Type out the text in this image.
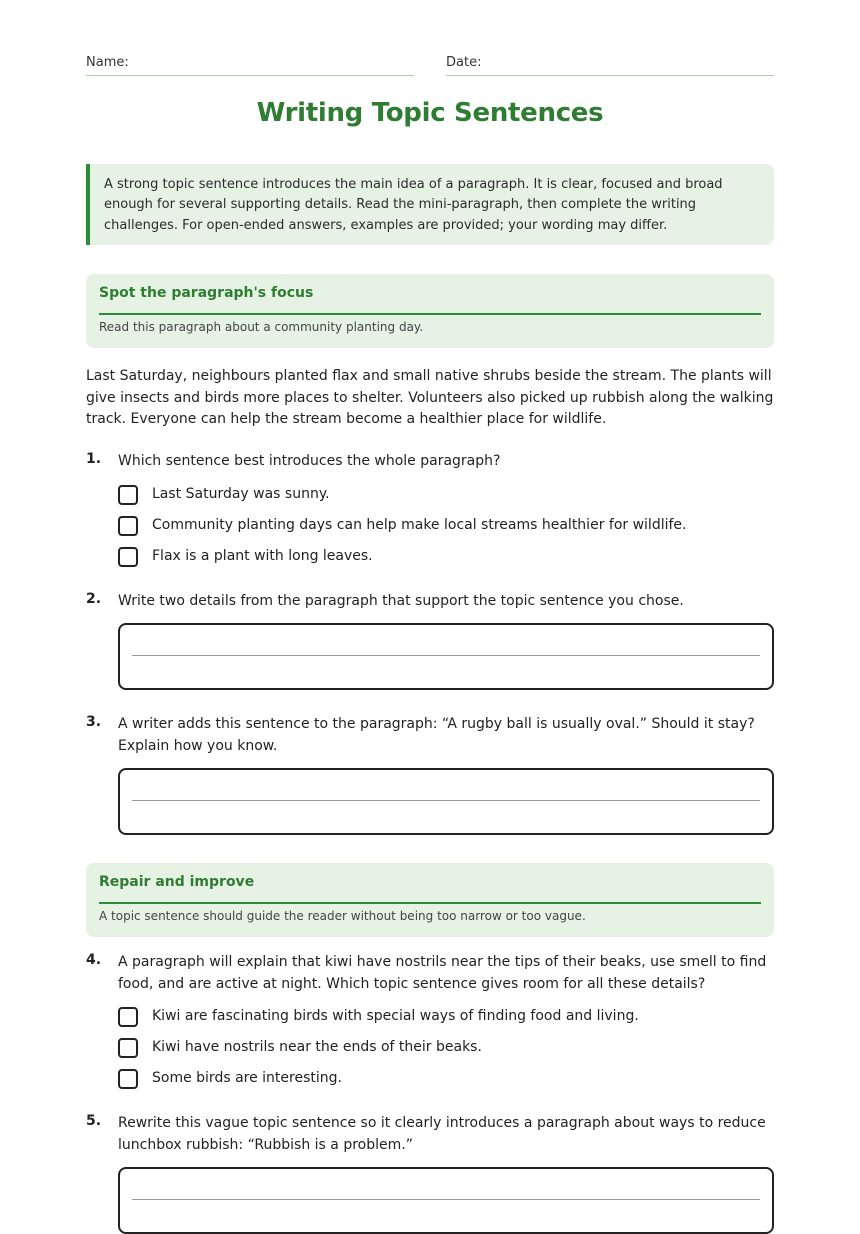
Name:	Date:
Writing Topic Sentences
A strong topic sentence introduces the main idea of a paragraph. It is clear, focused and broad enough for several supporting details. Read the mini-paragraph, then complete the writing challenges. For open-ended answers, examples are provided; your wording may differ.
Spot the paragraph's focus
Read this paragraph about a community planting day.
Last Saturday, neighbours planted flax and small native shrubs beside the stream. The plants will give insects and birds more places to shelter. Volunteers also picked up rubbish along the walking track. Everyone can help the stream become a healthier place for wildlife.
1. Which sentence best introduces the whole paragraph?
Last Saturday was sunny.
Community planting days can help make local streams healthier for wildlife.
Flax is a plant with long leaves.
2. Write two details from the paragraph that support the topic sentence you chose.
3. A writer adds this sentence to the paragraph: “A rugby ball is usually oval.” Should it stay? Explain how you know.
Repair and improve
A topic sentence should guide the reader without being too narrow or too vague.
4. A paragraph will explain that kiwi have nostrils near the tips of their beaks, use smell to find food, and are active at night. Which topic sentence gives room for all these details?
Kiwi are fascinating birds with special ways of finding food and living.
Kiwi have nostrils near the ends of their beaks.
Some birds are interesting.
5. Rewrite this vague topic sentence so it clearly introduces a paragraph about ways to reduce lunchbox rubbish: “Rubbish is a problem.”
